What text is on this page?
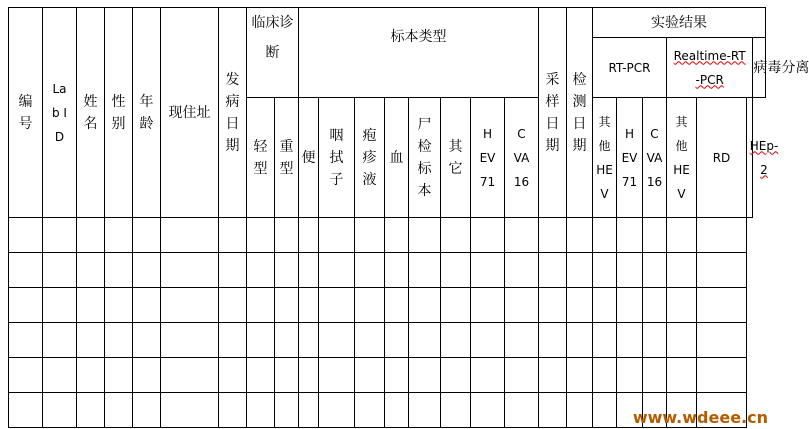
编号	Lab ID	姓名	性别	年龄	现住址	发病日期	临床诊断		标本类型								采样日期	检测日期	实验结果						
																			RT-PCR			Realtime-RT-PCR			病毒分离
							轻型	重型	便	咽拭子	疱疹液	血	尸检标本	其它	HEV71	CVA16			其他HEV	HEV71	CVA16	其他HEV	RD	HEp-2	

www.wdeee.cn
